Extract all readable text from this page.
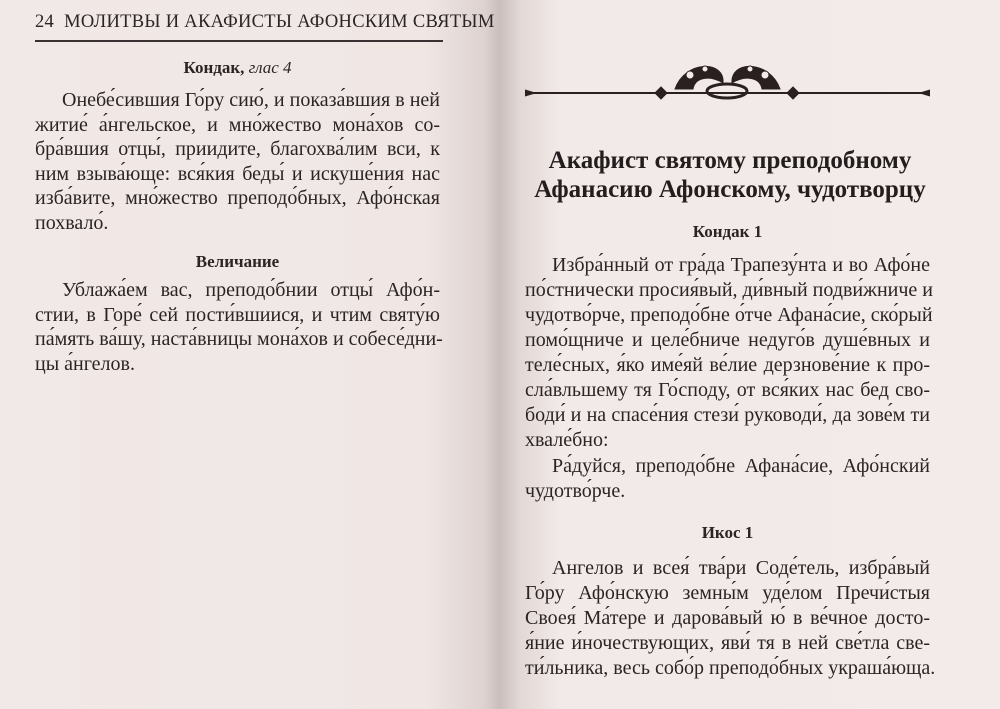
24 МОЛИТВЫ И АКАФИСТЫ АФОНСКИМ СВЯТЫМ
Кондак, глас 4
Онебе́сившия Го́ру сию́, и показа́вшия в ней
житие́ а́нгельское, и мно́жество мона́хов со-
бра́вшия отцы́, приидите, благохва́лим вси, к
ним взыва́юще: вся́кия беды́ и искуше́ния нас
изба́вите, мно́жество преподо́бных, Афо́нская
похвало́.
Величание
Ублажа́ем вас, преподо́бнии отцы́ Афо́н-
стии, в Горе́ сей пости́вшиися, и чтим святу́ю
па́мять ва́шу, наста́вницы мона́хов и собесе́дни-
цы а́нгелов.
Акафист святому преподобному
Афанасию Афонскому, чудотворцу
Кондак 1
Избра́нный от гра́да Трапезу́нта и во Афо́не
по́стнически просия́вый, ди́вный подви́жниче и
чудотво́рче, преподо́бне о́тче Афана́сие, ско́рый
помо́щниче и целе́бниче недуго́в душе́вных и
теле́сных, я́ко име́яй ве́лие дерзнове́ние к про-
сла́вльшему тя Го́споду, от вся́ких нас бед сво-
боди́ и на спасе́ния стези́ руководи́, да зове́м ти
хвале́бно:
Ра́дуйся, преподо́бне Афана́сие, Афо́нский
чудотво́рче.
Икос 1
Ангелов и всея́ тва́ри Соде́тель, избра́вый
Го́ру Афо́нскую земны́м уде́лом Пречи́стыя
Своея́ Ма́тере и дарова́вый ю́ в ве́чное досто-
я́ние и́ночествующих, яви́ тя в ней све́тла све-
ти́льника, весь собо́р преподо́бных украша́юща.
